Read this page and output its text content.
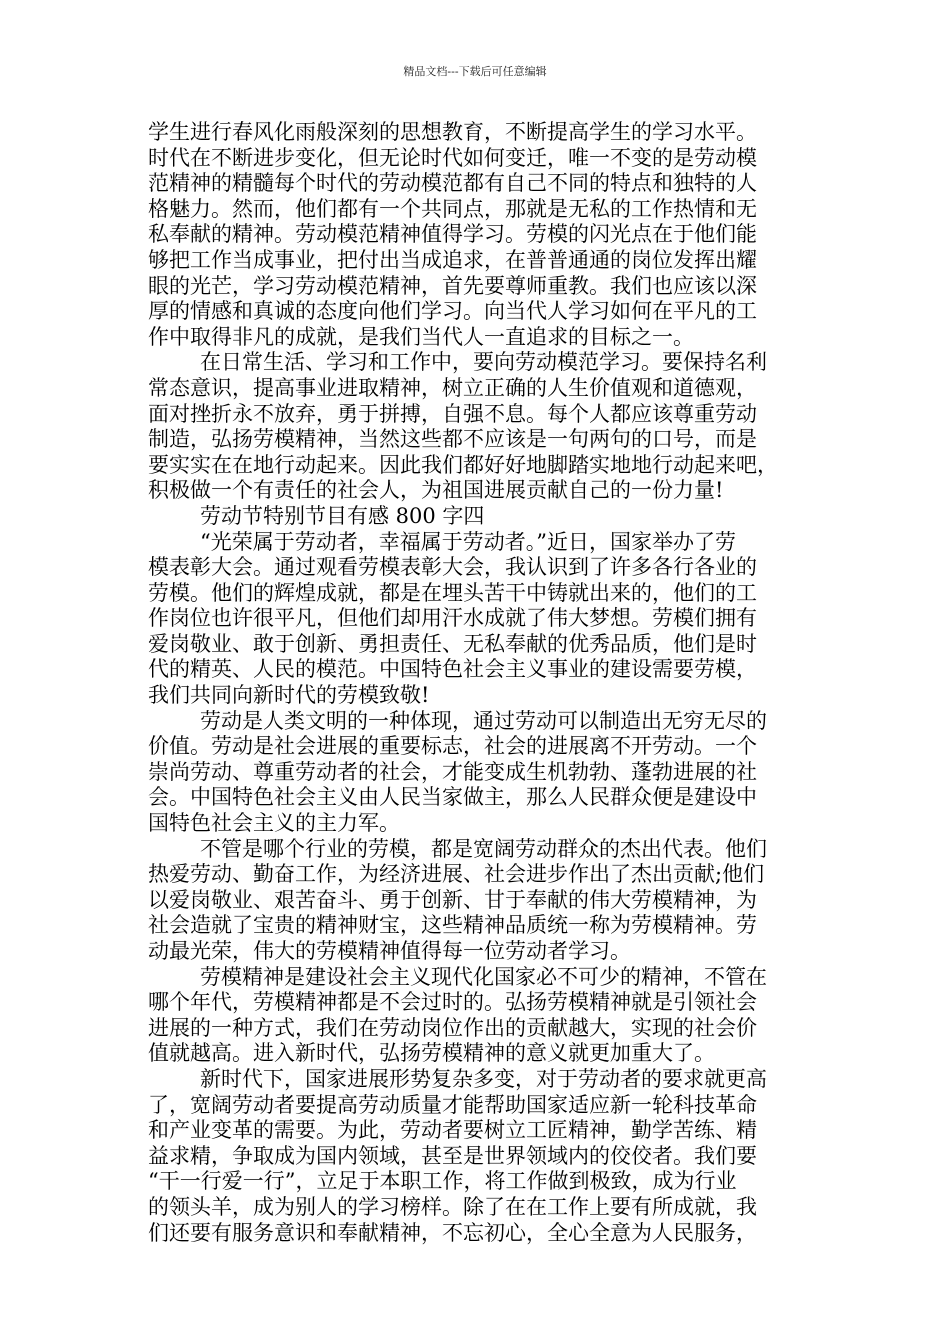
精品文档---下载后可任意编辑
学生进行春风化雨般深刻的思想教育，不断提高学生的学习水平。
时代在不断进步变化，但无论时代如何变迁，唯一不变的是劳动模
范精神的精髓每个时代的劳动模范都有自己不同的特点和独特的人
格魅力。然而，他们都有一个共同点，那就是无私的工作热情和无
私奉献的精神。劳动模范精神值得学习。劳模的闪光点在于他们能
够把工作当成事业，把付出当成追求，在普普通通的岗位发挥出耀
眼的光芒，学习劳动模范精神，首先要尊师重教。我们也应该以深
厚的情感和真诚的态度向他们学习。向当代人学习如何在平凡的工
作中取得非凡的成就，是我们当代人一直追求的目标之一。
在日常生活、学习和工作中，要向劳动模范学习。要保持名利
常态意识，提高事业进取精神，树立正确的人生价值观和道德观，
面对挫折永不放弃，勇于拼搏，自强不息。每个人都应该尊重劳动
制造，弘扬劳模精神，当然这些都不应该是一句两句的口号，而是
要实实在在地行动起来。因此我们都好好地脚踏实地地行动起来吧，
积极做一个有责任的社会人，为祖国进展贡献自己的一份力量!
劳动节特别节目有感 800 字四
“光荣属于劳动者，幸福属于劳动者。”近日，国家举办了劳
模表彰大会。通过观看劳模表彰大会，我认识到了许多各行各业的
劳模。他们的辉煌成就，都是在埋头苦干中铸就出来的，他们的工
作岗位也许很平凡，但他们却用汗水成就了伟大梦想。劳模们拥有
爱岗敬业、敢于创新、勇担责任、无私奉献的优秀品质，他们是时
代的精英、人民的模范。中国特色社会主义事业的建设需要劳模，
我们共同向新时代的劳模致敬!
劳动是人类文明的一种体现，通过劳动可以制造出无穷无尽的
价值。劳动是社会进展的重要标志，社会的进展离不开劳动。一个
崇尚劳动、尊重劳动者的社会，才能变成生机勃勃、蓬勃进展的社
会。中国特色社会主义由人民当家做主，那么人民群众便是建设中
国特色社会主义的主力军。
不管是哪个行业的劳模，都是宽阔劳动群众的杰出代表。他们
热爱劳动、勤奋工作，为经济进展、社会进步作出了杰出贡献;他们
以爱岗敬业、艰苦奋斗、勇于创新、甘于奉献的伟大劳模精神，为
社会造就了宝贵的精神财宝，这些精神品质统一称为劳模精神。劳
动最光荣，伟大的劳模精神值得每一位劳动者学习。
劳模精神是建设社会主义现代化国家必不可少的精神，不管在
哪个年代，劳模精神都是不会过时的。弘扬劳模精神就是引领社会
进展的一种方式，我们在劳动岗位作出的贡献越大，实现的社会价
值就越高。进入新时代，弘扬劳模精神的意义就更加重大了。
新时代下，国家进展形势复杂多变，对于劳动者的要求就更高
了，宽阔劳动者要提高劳动质量才能帮助国家适应新一轮科技革命
和产业变革的需要。为此，劳动者要树立工匠精神，勤学苦练、精
益求精，争取成为国内领域，甚至是世界领域内的佼佼者。我们要
“干一行爱一行”，立足于本职工作，将工作做到极致，成为行业
的领头羊，成为别人的学习榜样。除了在在工作上要有所成就，我
们还要有服务意识和奉献精神，不忘初心，全心全意为人民服务，
